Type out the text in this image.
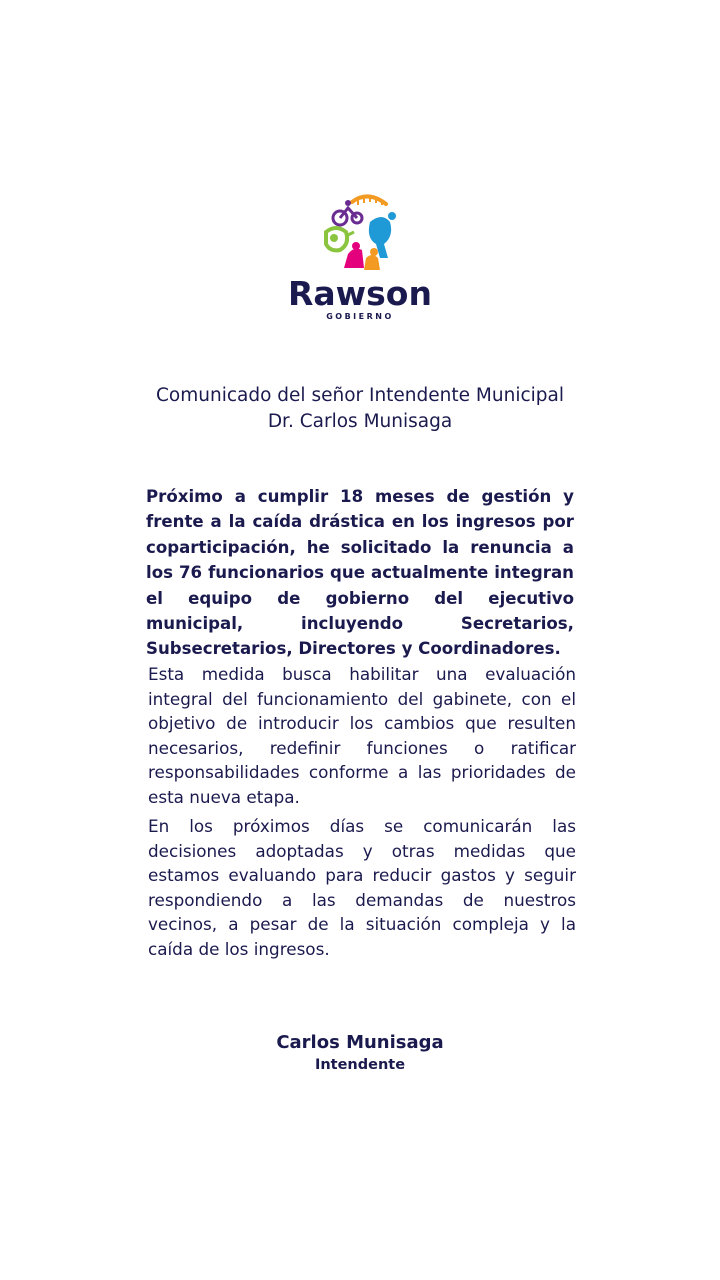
Rawson
GOBIERNO
Comunicado del señor Intendente Municipal
Dr. Carlos Munisaga
Próximo a cumplir 18 meses de gestión y frente a la caída drástica en los ingresos por coparticipación, he solicitado la renuncia a los 76 funcionarios que actualmente integran el equipo de gobierno del ejecutivo municipal, incluyendo Secretarios, Subsecretarios, Directores y Coordinadores.
Esta medida busca habilitar una evaluación integral del funcionamiento del gabinete, con el objetivo de introducir los cambios que resulten necesarios, redefinir funciones o ratificar responsabilidades conforme a las prioridades de esta nueva etapa.
En los próximos días se comunicarán las decisiones adoptadas y otras medidas que estamos evaluando para reducir gastos y seguir respondiendo a las demandas de nuestros vecinos, a pesar de la situación compleja y la caída de los ingresos.
Carlos Munisaga
Intendente
